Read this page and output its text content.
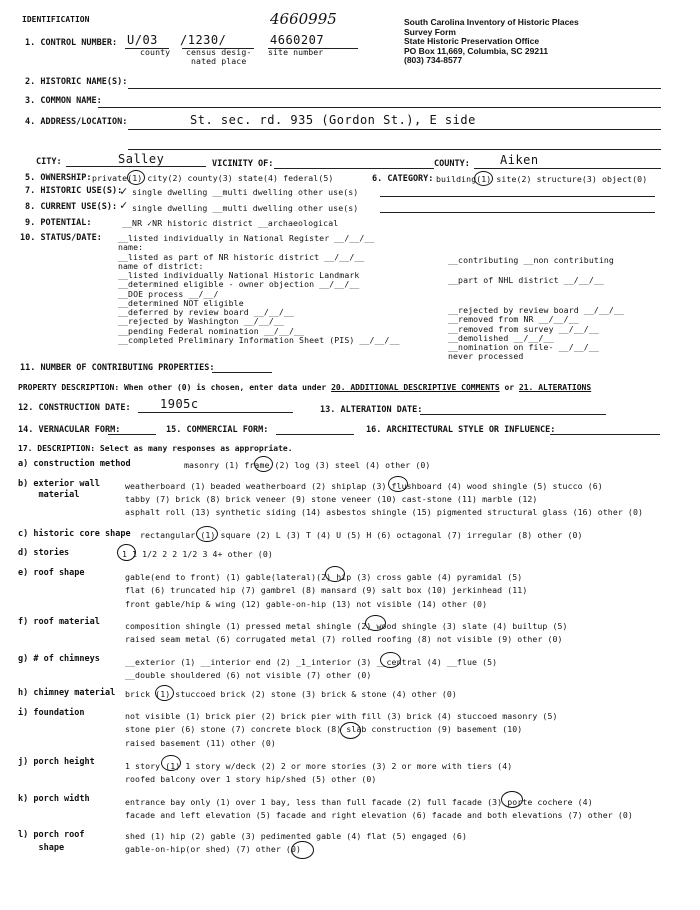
IDENTIFICATION	4660995	South Carolina Inventory of Historic Places
Survey Form
State Historic Preservation Office
PO Box 11,669, Columbia, SC 29211
(803) 734-8577
1. CONTROL NUMBER: U/03 /1230/	4660207
county census desig-
nated place
site number
2. HISTORIC NAME(S):
3. COMMON NAME:
4. ADDRESS/LOCATION:	St. sec. rd. 935 (Gordon St.), E side
CITY:	Salley	VICINITY OF:	COUNTY:	Aiken
5. OWNERSHIP: private(1) city(2) county(3) state(4) federal(5)	6. CATEGORY: building(1) site(2) structure(3) object(0)
7. HISTORIC USE(S):
✓ single dwelling __multi dwelling other use(s)
8. CURRENT USE(S): ✓ single dwelling __multi dwelling other use(s)
9. POTENTIAL:	__NR ✓NR historic district __archaeological
10. STATUS/DATE: __listed individually in National Register __/__/__
name:
__listed as part of NR historic district __/__/__
name of district:
__listed individually National Historic Landmark
__determined eligible - owner objection __/__/__
__DOE process __/__/
__determined NOT eligible
__deferred by review board __/__/__
__rejected by Washington __/__/__
__pending Federal nomination __/__/__
__completed Preliminary Information Sheet (PIS) __/__/__
__contributing __non contributing
__part of NHL district __/__/__
__rejected by review board __/__/__
__removed from NR __/__/__
__removed from survey __/__/__
__demolished __/__/__
__nomination on file- __/__/__
never processed
11. NUMBER OF CONTRIBUTING PROPERTIES:
PROPERTY DESCRIPTION: When other (0) is chosen, enter data under 20. ADDITIONAL DESCRIPTIVE COMMENTS or 21. ALTERATIONS
12. CONSTRUCTION DATE: 1905c	13. ALTERATION DATE:
14. VERNACULAR FORM:	15. COMMERCIAL FORM:	16. ARCHITECTURAL STYLE OR INFLUENCE:
17. DESCRIPTION: Select as many responses as appropriate.
a) construction method	masonry (1) frame (2) log (3) steel (4) other (0)
b) exterior wall
material
weatherboard (1) beaded weatherboard (2) shiplap (3) flushboard (4) wood shingle (5) stucco (6)
tabby (7) brick (8) brick veneer (9) stone veneer (10) cast-stone (11) marble (12)
asphalt roll (13) synthetic siding (14) asbestos shingle (15) pigmented structural glass (16) other (0)
c) historic core shape rectangular (1) square (2) L (3) T (4) U (5) H (6) octagonal (7) irregular (8) other (0)
d) stories	1 1 1/2 2 2 1/2 3 4+ other (0)
e) roof shape	gable(end to front) (1) gable(lateral)(2) hip (3) cross gable (4) pyramidal (5)
flat (6) truncated hip (7) gambrel (8) mansard (9) salt box (10) jerkinhead (11)
front gable/hip & wing (12) gable-on-hip (13) not visible (14) other (0)
f) roof material	composition shingle (1) pressed metal shingle (2) wood shingle (3) slate (4) builtup (5)
raised seam metal (6) corrugated metal (7) rolled roofing (8) not visible (9) other (0)
g) # of chimneys	__exterior (1) __interior end (2) _1_interior (3) __central (4) __flue (5)
__double shouldered (6) not visible (7) other (0)
h) chimney material brick (1) stuccoed brick (2) stone (3) brick & stone (4) other (0)
i) foundation	not visible (1) brick pier (2) brick pier with fill (3) brick (4) stuccoed masonry (5)
stone pier (6) stone (7) concrete block (8) slab construction (9) basement (10)
raised basement (11) other (0)
j) porch height	1 story (1) 1 story w/deck (2) 2 or more stories (3) 2 or more with tiers (4)
roofed balcony over 1 story hip/shed (5) other (0)
k) porch width	entrance bay only (1) over 1 bay, less than full facade (2) full facade (3) porte cochere (4)
facade and left elevation (5) facade and right elevation (6) facade and both elevations (7) other (0)
l) porch roof
shape
shed (1) hip (2) gable (3) pedimented gable (4) flat (5) engaged (6)
gable-on-hip(or shed) (7) other (0)
